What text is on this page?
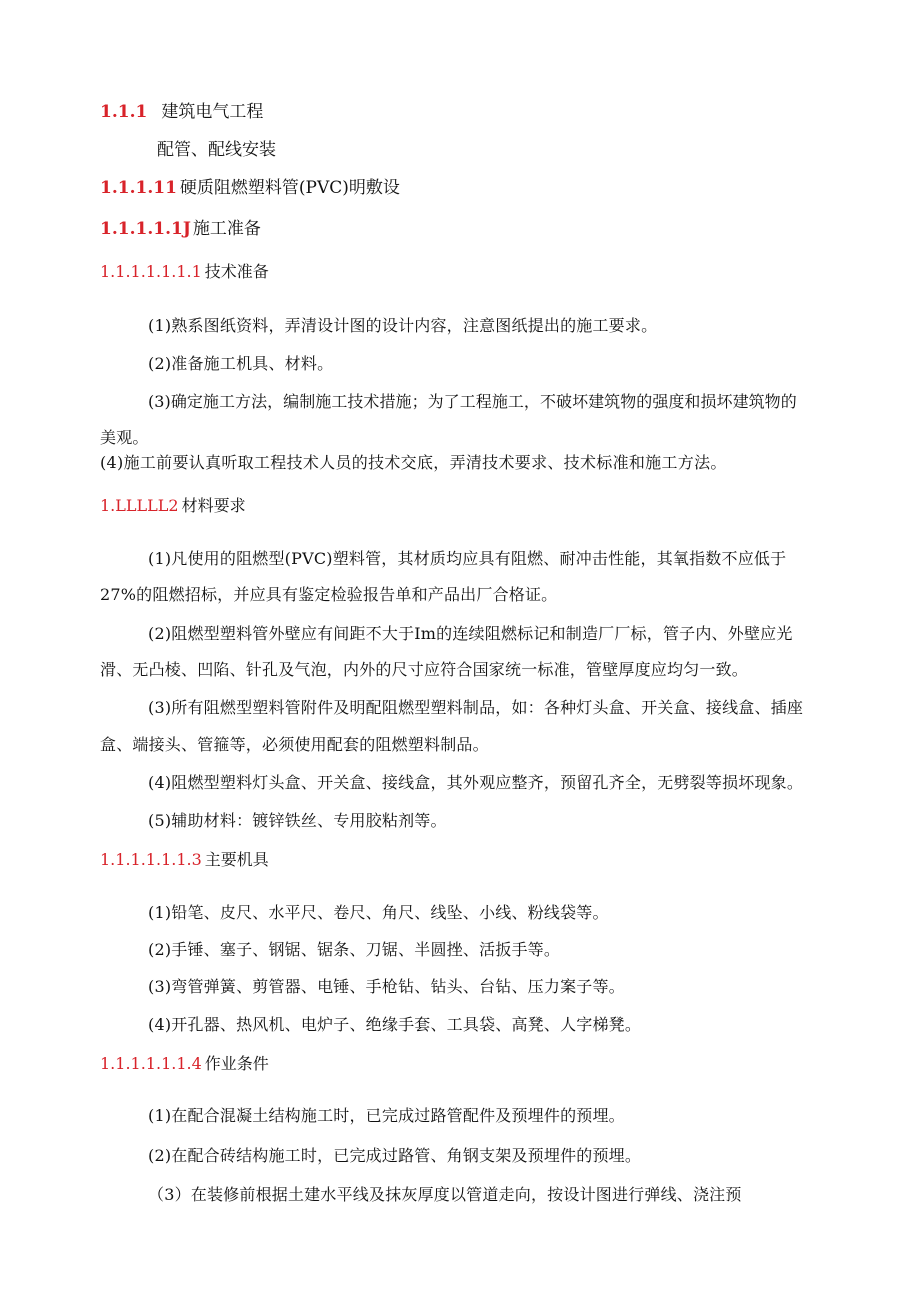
1.1.1 建筑电气工程
配管、配线安装
1.1.1.11 硬质阻燃塑料管(PVC)明敷设
1.1.1.1.1J 施工准备
1.1.1.1.1.1.1 技术准备
(1)熟系图纸资料，弄清设计图的设计内容，注意图纸提出的施工要求。
(2)准备施工机具、材料。
(3)确定施工方法，编制施工技术措施；为了工程施工，不破坏建筑物的强度和损坏建筑物的
美观。
(4)施工前要认真听取工程技术人员的技术交底，弄清技术要求、技术标准和施工方法。
1.LLLLL2 材料要求
(1)凡使用的阻燃型(PVC)塑料管，其材质均应具有阻燃、耐冲击性能，其氧指数不应低于
27%的阻燃招标，并应具有鉴定检验报告单和产品出厂合格证。
(2)阻燃型塑料管外壁应有间距不大于Im的连续阻燃标记和制造厂厂标，管子内、外壁应光
滑、无凸棱、凹陷、针孔及气泡，内外的尺寸应符合国家统一标准，管壁厚度应均匀一致。
(3)所有阻燃型塑料管附件及明配阻燃型塑料制品，如：各种灯头盒、开关盒、接线盒、插座
盒、端接头、管箍等，必须使用配套的阻燃塑料制品。
(4)阻燃型塑料灯头盒、开关盒、接线盒，其外观应整齐，预留孔齐全，无劈裂等损坏现象。
(5)辅助材料：镀锌铁丝、专用胶粘剂等。
1.1.1.1.1.1.3 主要机具
(1)铅笔、皮尺、水平尺、卷尺、角尺、线坠、小线、粉线袋等。
(2)手锤、塞子、钢锯、锯条、刀锯、半圆挫、活扳手等。
(3)弯管弹簧、剪管器、电锤、手枪钻、钻头、台钻、压力案子等。
(4)开孔器、热风机、电炉子、绝缘手套、工具袋、高凳、人字梯凳。
1.1.1.1.1.1.4 作业条件
(1)在配合混凝土结构施工时，已完成过路管配件及预埋件的预埋。
(2)在配合砖结构施工时，已完成过路管、角钢支架及预埋件的预埋。
（3）在装修前根据土建水平线及抹灰厚度以管道走向，按设计图进行弹线、浇注预
